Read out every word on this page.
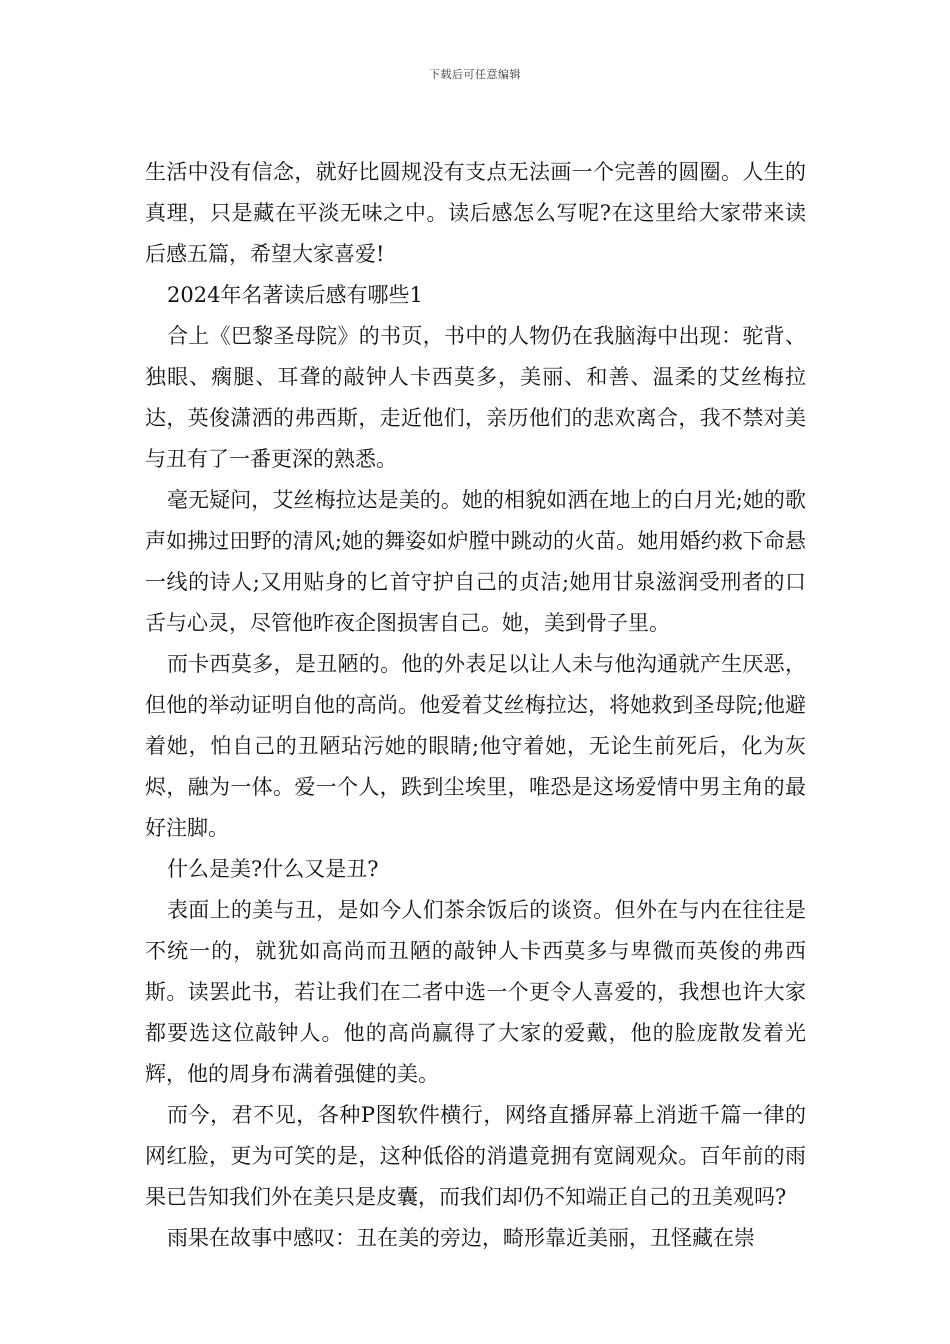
下载后可任意编辑

生活中没有信念，就好比圆规没有支点无法画一个完善的圆圈。人生的真理，只是藏在平淡无味之中。读后感怎么写呢?在这里给大家带来读后感五篇，希望大家喜爱!

2024年名著读后感有哪些1

合上《巴黎圣母院》的书页，书中的人物仍在我脑海中出现：驼背、独眼、瘸腿、耳聋的敲钟人卡西莫多，美丽、和善、温柔的艾丝梅拉达，英俊潇洒的弗西斯，走近他们，亲历他们的悲欢离合，我不禁对美与丑有了一番更深的熟悉。

毫无疑问，艾丝梅拉达是美的。她的相貌如洒在地上的白月光;她的歌声如拂过田野的清风;她的舞姿如炉膛中跳动的火苗。她用婚约救下命悬一线的诗人;又用贴身的匕首守护自己的贞洁;她用甘泉滋润受刑者的口舌与心灵，尽管他昨夜企图损害自己。她，美到骨子里。

而卡西莫多，是丑陋的。他的外表足以让人未与他沟通就产生厌恶，但他的举动证明自他的高尚。他爱着艾丝梅拉达，将她救到圣母院;他避着她，怕自己的丑陋玷污她的眼睛;他守着她，无论生前死后，化为灰烬，融为一体。爱一个人，跌到尘埃里，唯恐是这场爱情中男主角的最好注脚。

什么是美?什么又是丑?

表面上的美与丑，是如今人们茶余饭后的谈资。但外在与内在往往是不统一的，就犹如高尚而丑陋的敲钟人卡西莫多与卑微而英俊的弗西斯。读罢此书，若让我们在二者中选一个更令人喜爱的，我想也许大家都要选这位敲钟人。他的高尚赢得了大家的爱戴，他的脸庞散发着光辉，他的周身布满着强健的美。

而今，君不见，各种P图软件横行，网络直播屏幕上消逝千篇一律的网红脸，更为可笑的是，这种低俗的消遣竟拥有宽阔观众。百年前的雨果已告知我们外在美只是皮囊，而我们却仍不知端正自己的丑美观吗?

雨果在故事中感叹：丑在美的旁边，畸形靠近美丽，丑怪藏在崇
